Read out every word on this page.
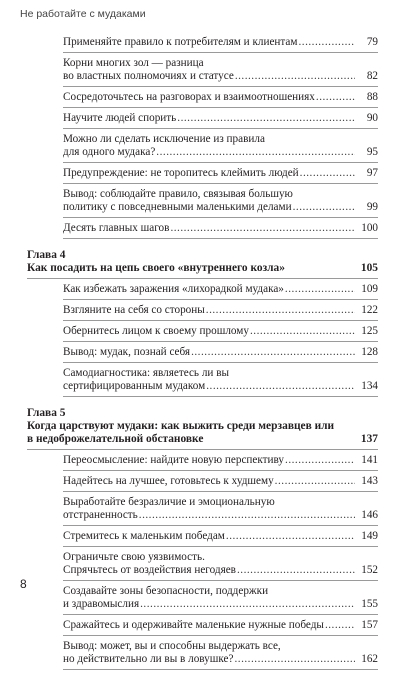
Не работайте с мудаками
Применяйте правило к потребителям и клиентам .....	79
Корни многих зол — разница
во властных полномочиях и статусе .....	82
Сосредоточьтесь на разговорах и взаимоотношениях .....	88
Научите людей спорить .....	90
Можно ли сделать исключение из правила
для одного мудака? .....	95
Предупреждение: не торопитесь клеймить людей .....	97
Вывод: соблюдайте правило, связывая большую
политику с повседневными маленькими делами .....	99
Десять главных шагов .....	100
Глава 4
Как посадить на цепь своего «внутреннего козла»	105
Как избежать заражения «лихорадкой мудака» .....	109
Взгляните на себя со стороны .....	122
Обернитесь лицом к своему прошлому .....	125
Вывод: мудак, познай себя .....	128
Самодиагностика: являетесь ли вы
сертифицированным мудаком .....	134
Глава 5
Когда царствуют мудаки: как выжить среди мерзавцев или
в недоброжелательной обстановке	137
Переосмысление: найдите новую перспективу .....	141
Надейтесь на лучшее, готовьтесь к худшему .....	143
Выработайте безразличие и эмоциональную
отстраненность .....	146
Стремитесь к маленьким победам .....	149
Ограничьте свою уязвимость.
Спрячьтесь от воздействия негодяев .....	152
Создавайте зоны безопасности, поддержки
и здравомыслия .....	155
Сражайтесь и одерживайте маленькие нужные победы .....	157
Вывод: может, вы и способны выдержать все,
но действительно ли вы в ловушке? .....	162
8
